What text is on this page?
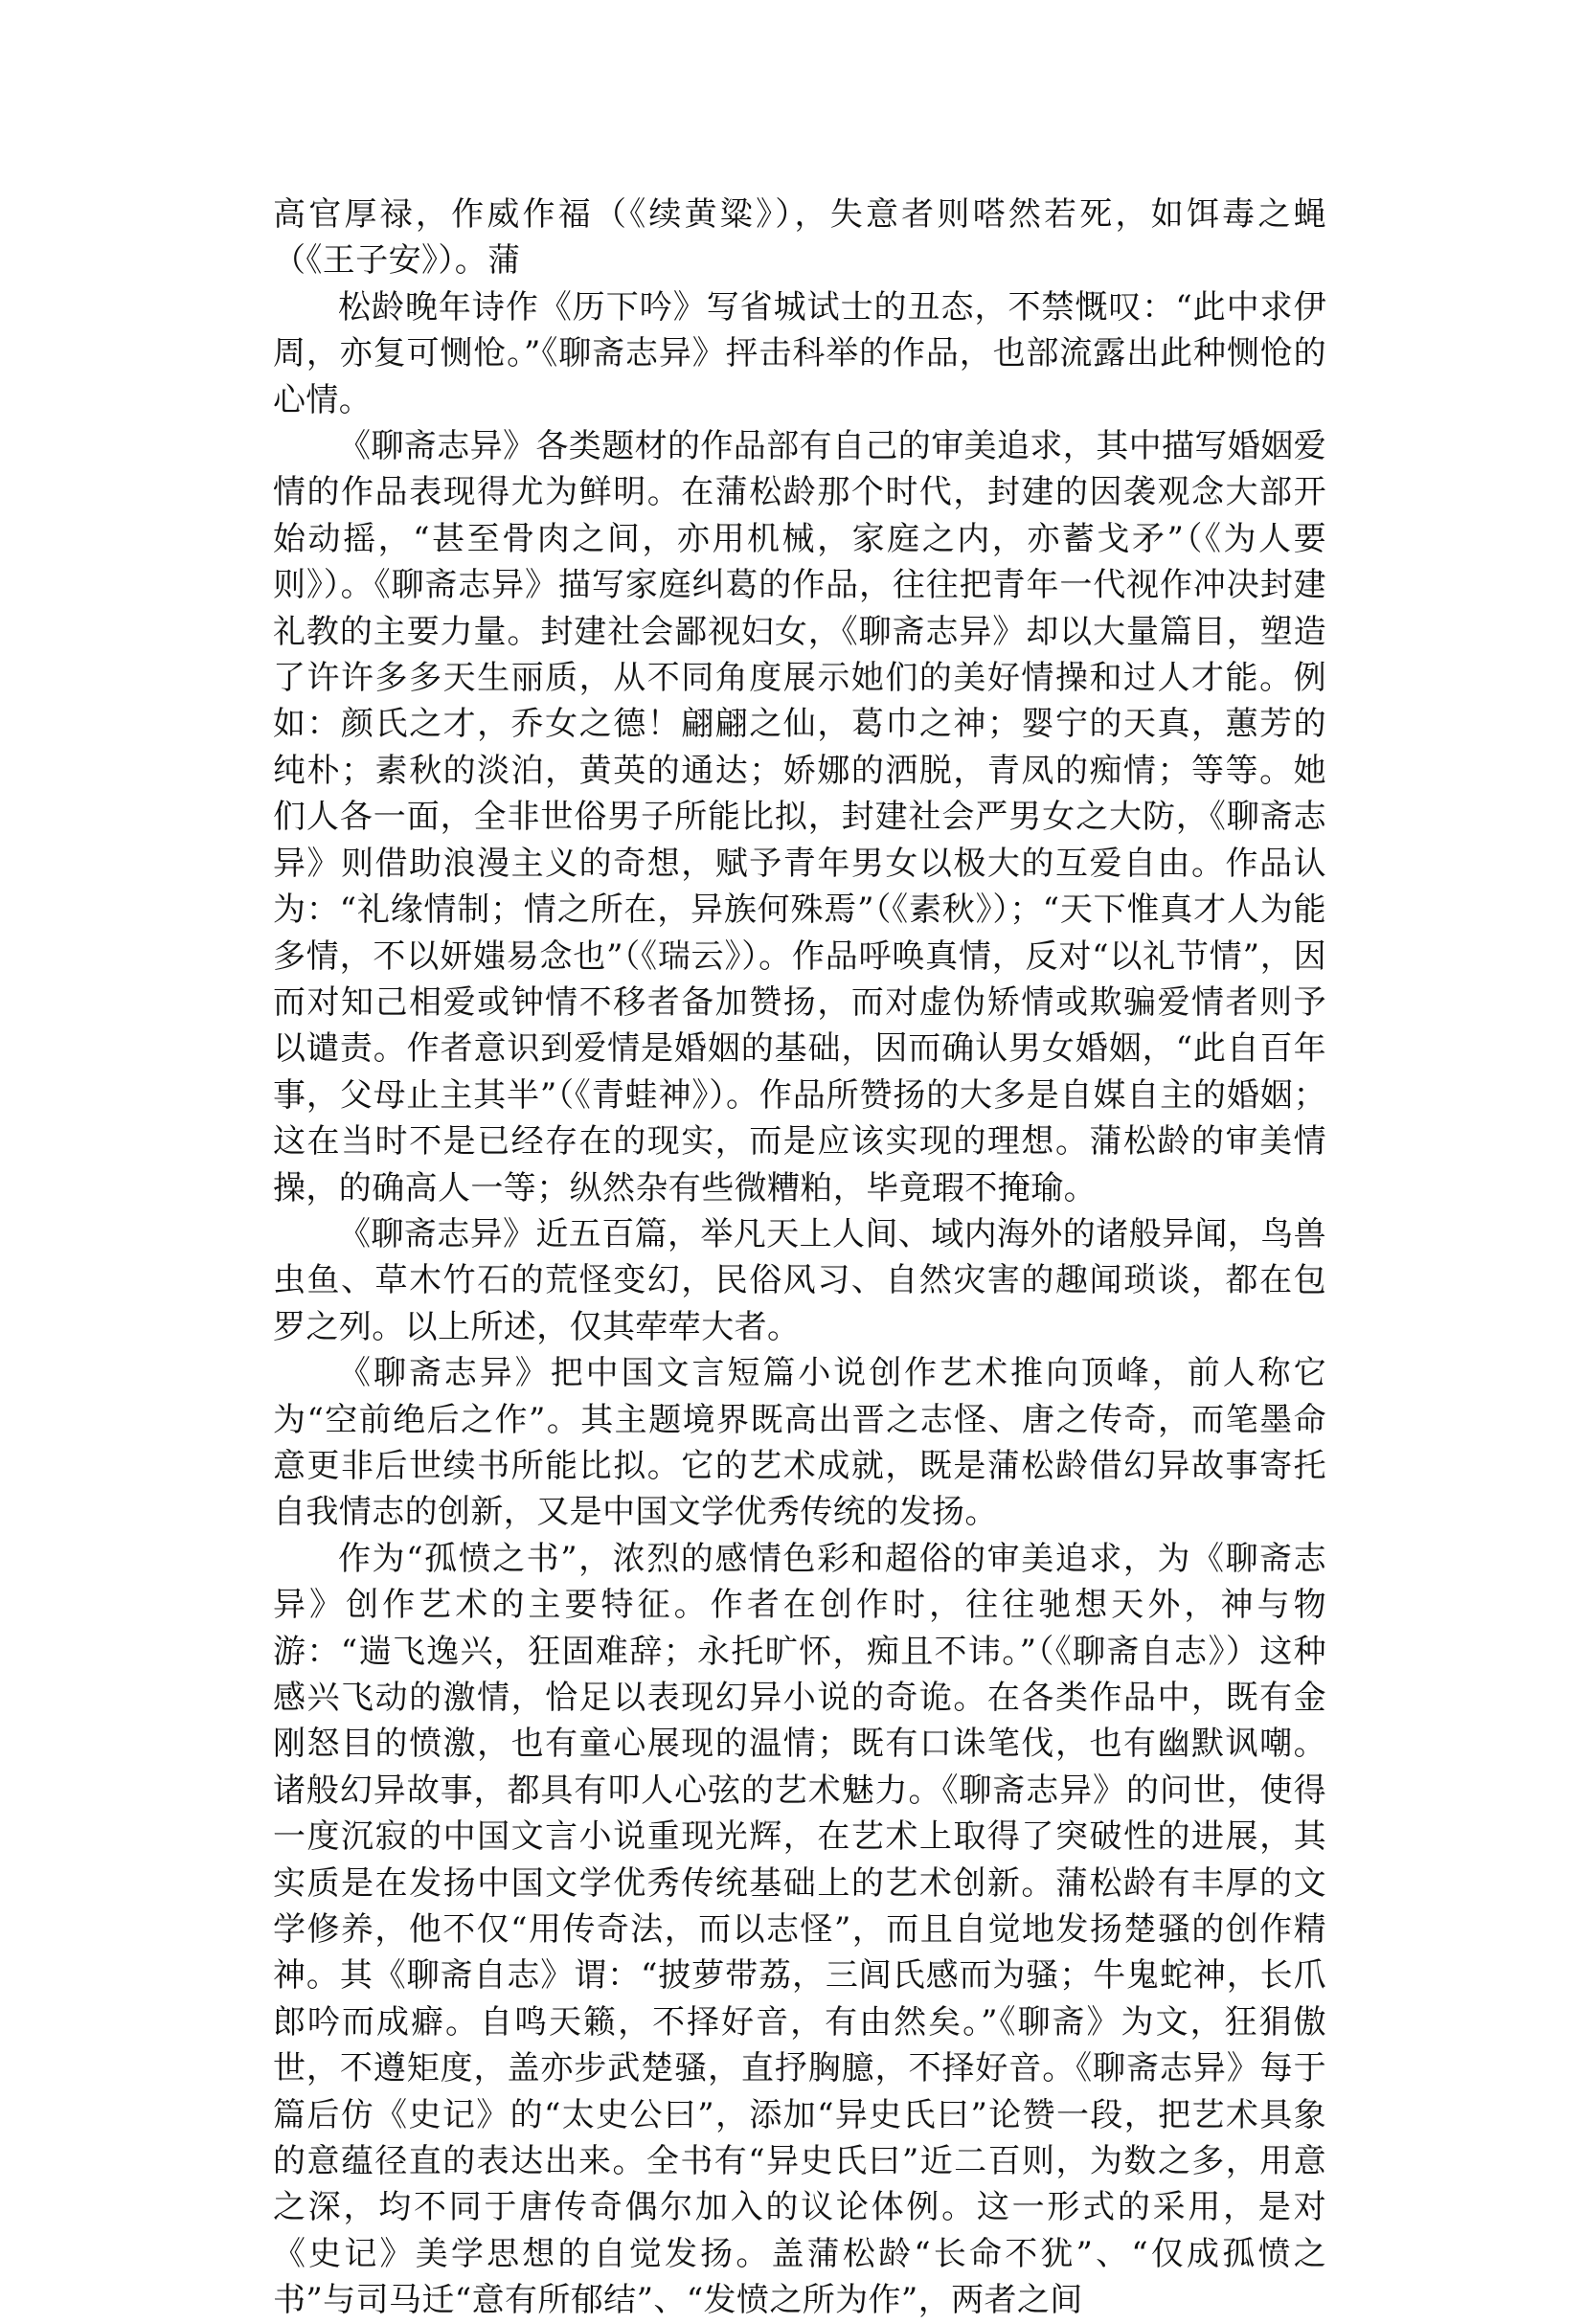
高官厚禄，作威作福（《续黄粱》），失意者则嗒然若死，如饵毒之蝇（《王子安》）。蒲

松龄晚年诗作《历下吟》写省城试士的丑态，不禁慨叹：“此中求伊周，亦复可恻怆。”《聊斋志异》抨击科举的作品，也部流露出此种恻怆的心情。

《聊斋志异》各类题材的作品部有自己的审美追求，其中描写婚姻爱情的作品表现得尤为鲜明。在蒲松龄那个时代，封建的因袭观念大部开始动摇，“甚至骨肉之间，亦用机械，家庭之内，亦蓄戈矛”（《为人要则》）。《聊斋志异》描写家庭纠葛的作品，往往把青年一代视作冲决封建礼教的主要力量。封建社会鄙视妇女，《聊斋志异》却以大量篇目，塑造了许许多多天生丽质，从不同角度展示她们的美好情操和过人才能。例如：颜氏之才，乔女之德！翩翩之仙，葛巾之神；婴宁的天真，蕙芳的纯朴；素秋的淡泊，黄英的通达；娇娜的洒脱，青凤的痴情；等等。她们人各一面，全非世俗男子所能比拟，封建社会严男女之大防，《聊斋志异》则借助浪漫主义的奇想，赋予青年男女以极大的互爱自由。作品认为：“礼缘情制；情之所在，异族何殊焉”（《素秋》）；“天下惟真才人为能多情，不以妍媸易念也”（《瑞云》）。作品呼唤真情，反对“以礼节情”，因而对知己相爱或钟情不移者备加赞扬，而对虚伪矫情或欺骗爱情者则予以谴责。作者意识到爱情是婚姻的基础，因而确认男女婚姻，“此自百年事，父母止主其半”（《青蛙神》）。作品所赞扬的大多是自媒自主的婚姻；这在当时不是已经存在的现实，而是应该实现的理想。蒲松龄的审美情操，的确高人一等；纵然杂有些微糟粕，毕竟瑕不掩瑜。

《聊斋志异》近五百篇，举凡天上人间、域内海外的诸般异闻，鸟兽虫鱼、草木竹石的荒怪变幻，民俗风习、自然灾害的趣闻琐谈，都在包罗之列。以上所述，仅其荦荦大者。

《聊斋志异》把中国文言短篇小说创作艺术推向顶峰，前人称它为“空前绝后之作”。其主题境界既高出晋之志怪、唐之传奇，而笔墨命意更非后世续书所能比拟。它的艺术成就，既是蒲松龄借幻异故事寄托自我情志的创新，又是中国文学优秀传统的发扬。

作为“孤愤之书”，浓烈的感情色彩和超俗的审美追求，为《聊斋志异》创作艺术的主要特征。作者在创作时，往往驰想天外，神与物游：“遄飞逸兴，狂固难辞；永托旷怀，痴且不讳。”（《聊斋自志》）这种感兴飞动的激情，恰足以表现幻异小说的奇诡。在各类作品中，既有金刚怒目的愤激，也有童心展现的温情；既有口诛笔伐，也有幽默讽嘲。诸般幻异故事，都具有叩人心弦的艺术魅力。《聊斋志异》的问世，使得一度沉寂的中国文言小说重现光辉，在艺术上取得了突破性的进展，其实质是在发扬中国文学优秀传统基础上的艺术创新。蒲松龄有丰厚的文学修养，他不仅“用传奇法，而以志怪”，而且自觉地发扬楚骚的创作精神。其《聊斋自志》谓：“披萝带荔，三闾氏感而为骚；牛鬼蛇神，长爪郎吟而成癖。自鸣天籁，不择好音，有由然矣。”《聊斋》为文，狂狷傲世，不遵矩度，盖亦步武楚骚，直抒胸臆，不择好音。《聊斋志异》每于篇后仿《史记》的“太史公曰”，添加“异史氏曰”论赞一段，把艺术具象的意蕴径直的表达出来。全书有“异史氏曰”近二百则，为数之多，用意之深，均不同于唐传奇偶尔加入的议论体例。这一形式的采用，是对《史记》美学思想的自觉发扬。盖蒲松龄“长命不犹”、“仅成孤愤之书”与司马迁“意有所郁结”、“发愤之所为作”，两者之间
